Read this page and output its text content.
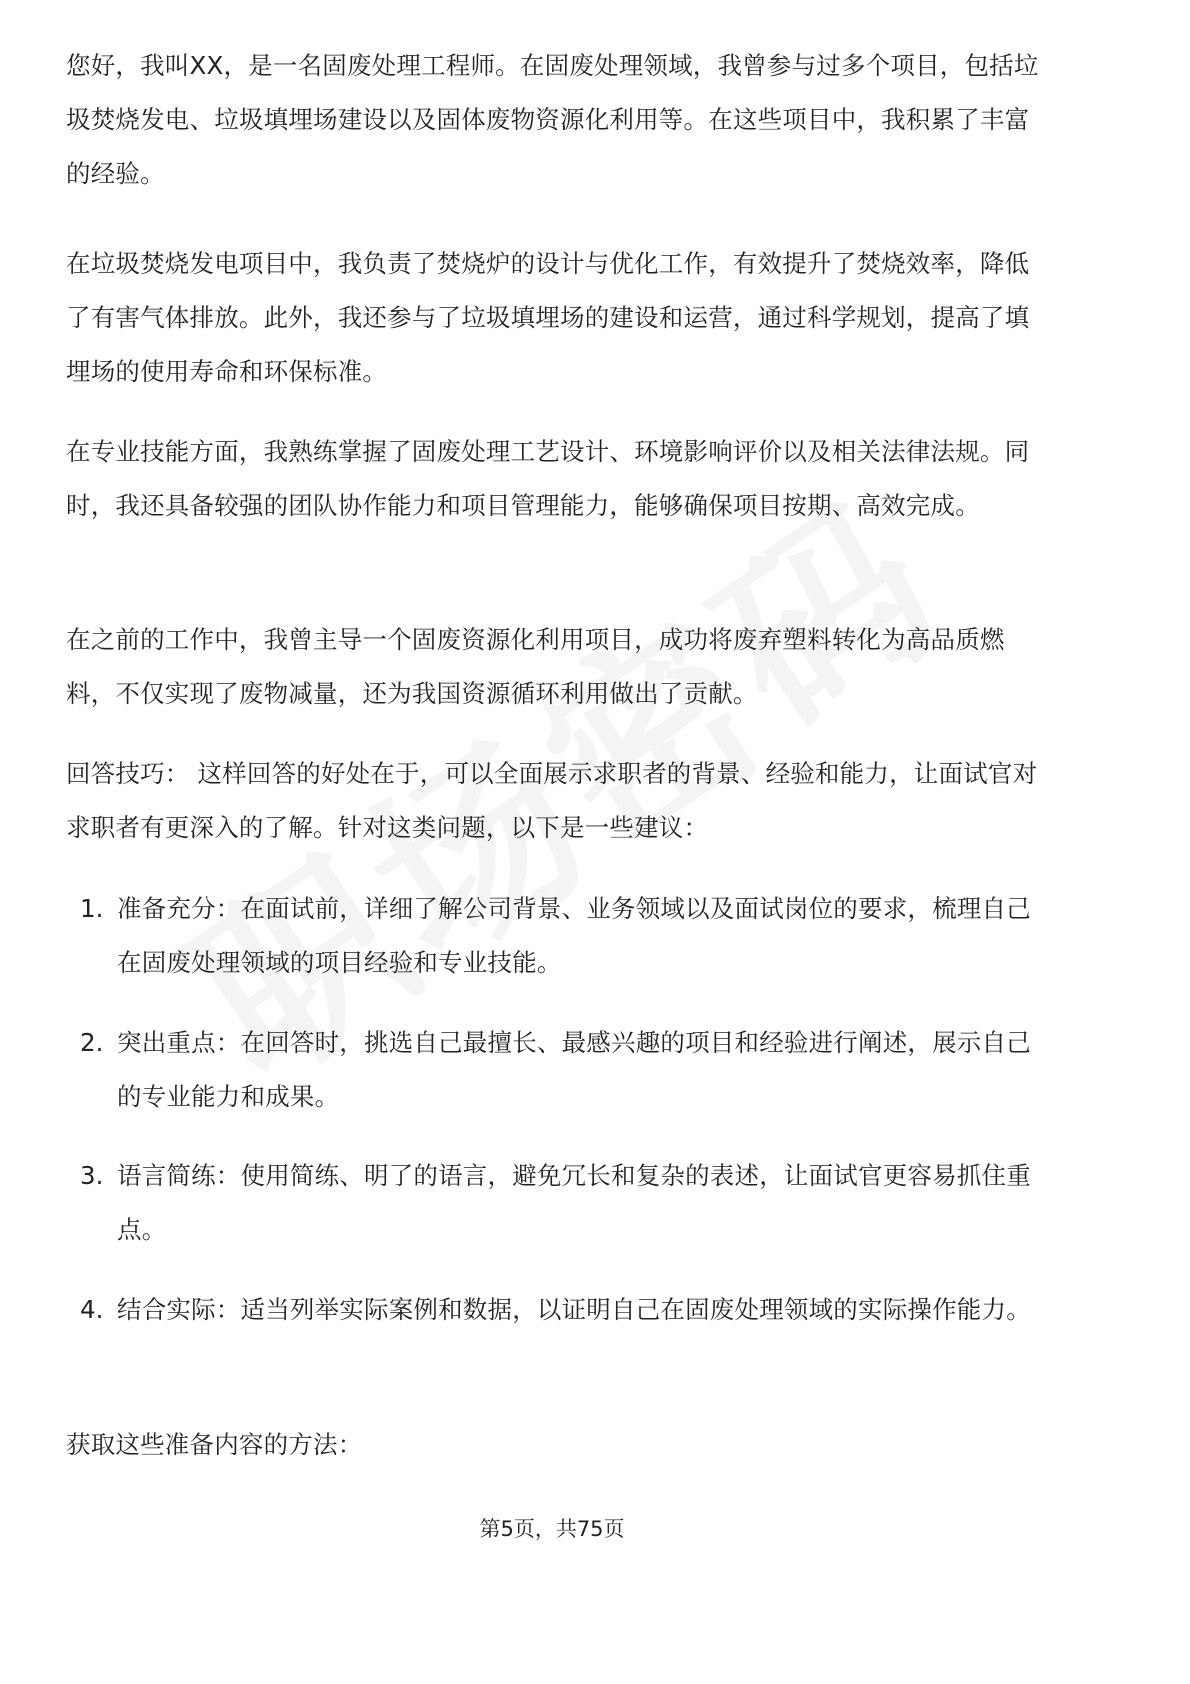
您好，我叫XX，是一名固废处理工程师。在固废处理领域，我曾参与过多个项目，包括垃圾焚烧发电、垃圾填埋场建设以及固体废物资源化利用等。在这些项目中，我积累了丰富的经验。

在垃圾焚烧发电项目中，我负责了焚烧炉的设计与优化工作，有效提升了焚烧效率，降低了有害气体排放。此外，我还参与了垃圾填埋场的建设和运营，通过科学规划，提高了填埋场的使用寿命和环保标准。

在专业技能方面，我熟练掌握了固废处理工艺设计、环境影响评价以及相关法律法规。同时，我还具备较强的团队协作能力和项目管理能力，能够确保项目按期、高效完成。

在之前的工作中，我曾主导一个固废资源化利用项目，成功将废弃塑料转化为高品质燃料，不仅实现了废物减量，还为我国资源循环利用做出了贡献。

回答技巧： 这样回答的好处在于，可以全面展示求职者的背景、经验和能力，让面试官对求职者有更深入的了解。针对这类问题，以下是一些建议：

1. 准备充分：在面试前，详细了解公司背景、业务领域以及面试岗位的要求，梳理自己在固废处理领域的项目经验和专业技能。

2. 突出重点：在回答时，挑选自己最擅长、最感兴趣的项目和经验进行阐述，展示自己的专业能力和成果。

3. 语言简练：使用简练、明了的语言，避免冗长和复杂的表述，让面试官更容易抓住重点。

4. 结合实际：适当列举实际案例和数据，以证明自己在固废处理领域的实际操作能力。

获取这些准备内容的方法：

第5页，共75页
